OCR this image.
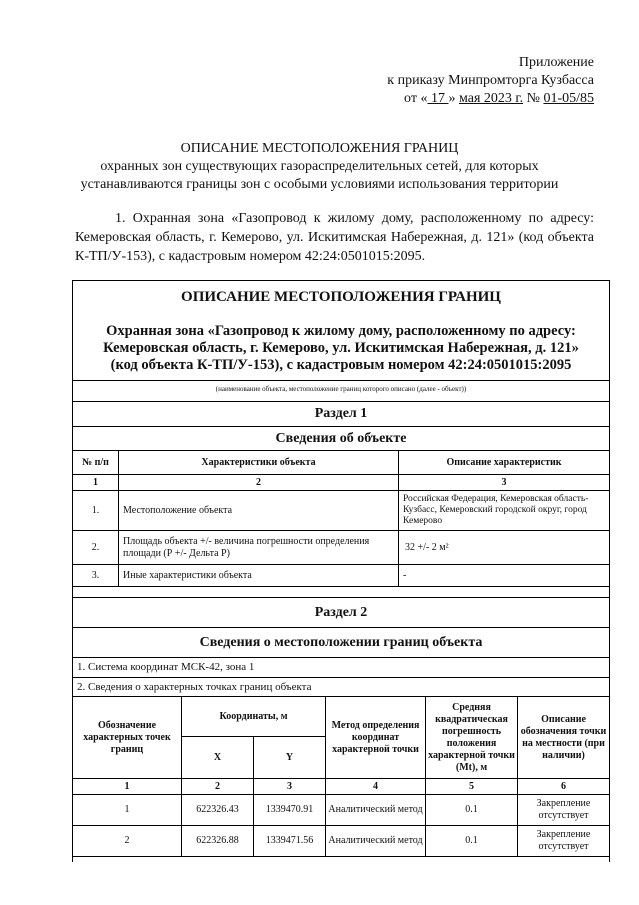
Приложение
к приказу Минпромторга Кузбасса
от « 17 » мая 2023 г. № 01-05/85
ОПИСАНИЕ МЕСТОПОЛОЖЕНИЯ ГРАНИЦ
охранных зон существующих газораспределительных сетей, для которых
устанавливаются границы зон с особыми условиями использования территории
1. Охранная зона «Газопровод к жилому дому, расположенному по адресу: Кемеровская область, г. Кемерово, ул. Искитимская Набережная, д. 121» (код объекта К-ТП/У-153), с кадастровым номером 42:24:0501015:2095.
ОПИСАНИЕ МЕСТОПОЛОЖЕНИЯ ГРАНИЦ
Охранная зона «Газопровод к жилому дому, расположенному по адресу:
Кемеровская область, г. Кемерово, ул. Искитимская Набережная, д. 121»
(код объекта К-ТП/У-153), с кадастровым номером 42:24:0501015:2095
(наименование объекта, местоположение границ которого описано (далее - объект))
Раздел 1
Сведения об объекте
№ п/п	Характеристики объекта	Описание характеристик
1	2	3
1.	Местоположение объекта	Российская Федерация, Кемеровская область-Кузбасс, Кемеровский городской округ, город Кемерово
2.	Площадь объекта +/- величина погрешности определения площади (Р +/- Дельта Р)	32 +/- 2 м²
3.	Иные характеристики объекта	-
Раздел 2
Сведения о местоположении границ объекта
1. Система координат МСК-42, зона 1
2. Сведения о характерных точках границ объекта
Обозначение характерных точек границ	Координаты, м		Метод определения координат характерной точки	Средняя квадратическая погрешность положения характерной точки (Mt), м	Описание обозначения точки на местности (при наличии)
	X	Y			
1	2	3	4	5	6
1	622326.43	1339470.91	Аналитический метод	0.1	Закрепление отсутствует
2	622326.88	1339471.56	Аналитический метод	0.1	Закрепление отсутствует
